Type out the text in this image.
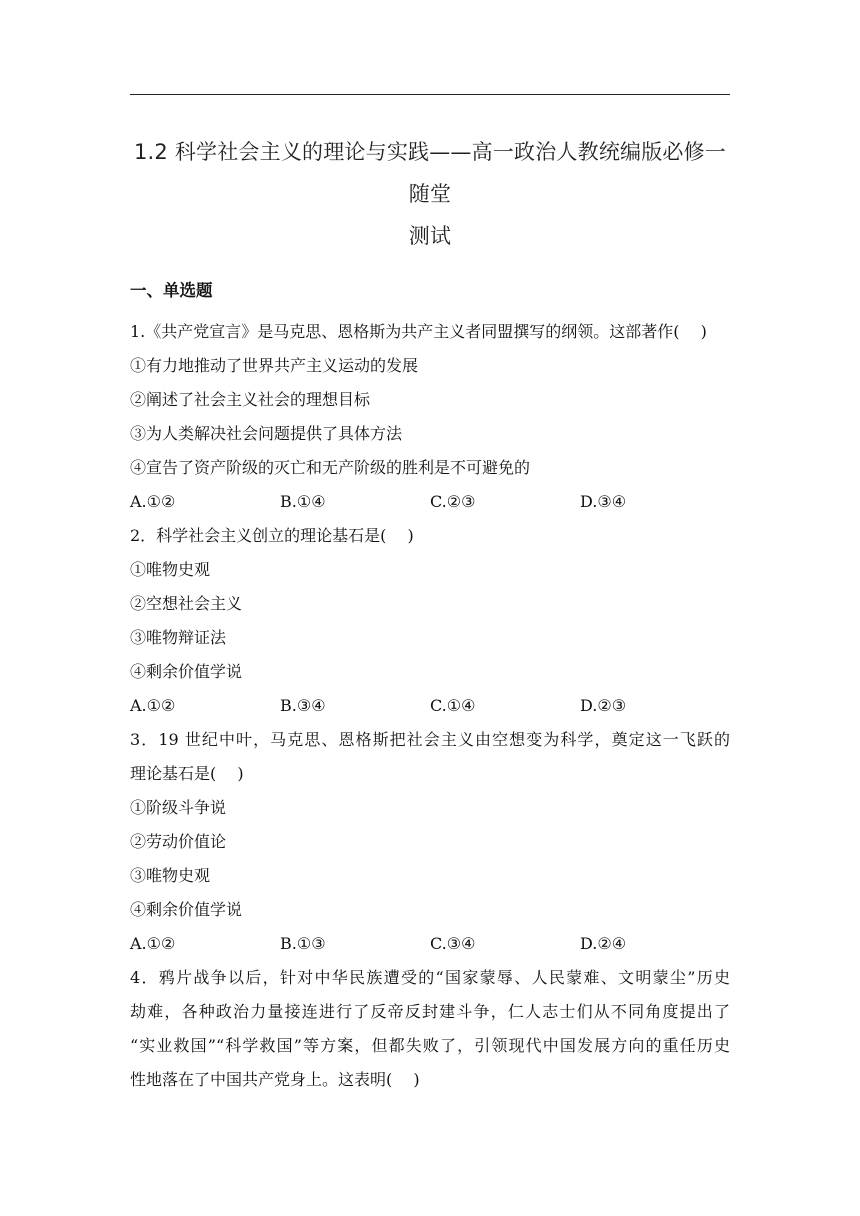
1.2 科学社会主义的理论与实践——高一政治人教统编版必修一随堂
测试
一、单选题
1.《共产党宣言》是马克思、恩格斯为共产主义者同盟撰写的纲领。这部著作(　 )
①有力地推动了世界共产主义运动的发展
②阐述了社会主义社会的理想目标
③为人类解决社会问题提供了具体方法
④宣告了资产阶级的灭亡和无产阶级的胜利是不可避免的
A.①②	B.①④	C.②③	D.③④
2．科学社会主义创立的理论基石是(　 )
①唯物史观
②空想社会主义
③唯物辩证法
④剩余价值学说
A.①②	B.③④	C.①④	D.②③
3．19 世纪中叶，马克思、恩格斯把社会主义由空想变为科学，奠定这一飞跃的
理论基石是(　 )
①阶级斗争说
②劳动价值论
③唯物史观
④剩余价值学说
A.①②	B.①③	C.③④	D.②④
4．鸦片战争以后，针对中华民族遭受的“国家蒙辱、人民蒙难、文明蒙尘”历史
劫难，各种政治力量接连进行了反帝反封建斗争，仁人志士们从不同角度提出了
“实业救国”“科学救国”等方案，但都失败了，引领现代中国发展方向的重任历史
性地落在了中国共产党身上。这表明(　 )
